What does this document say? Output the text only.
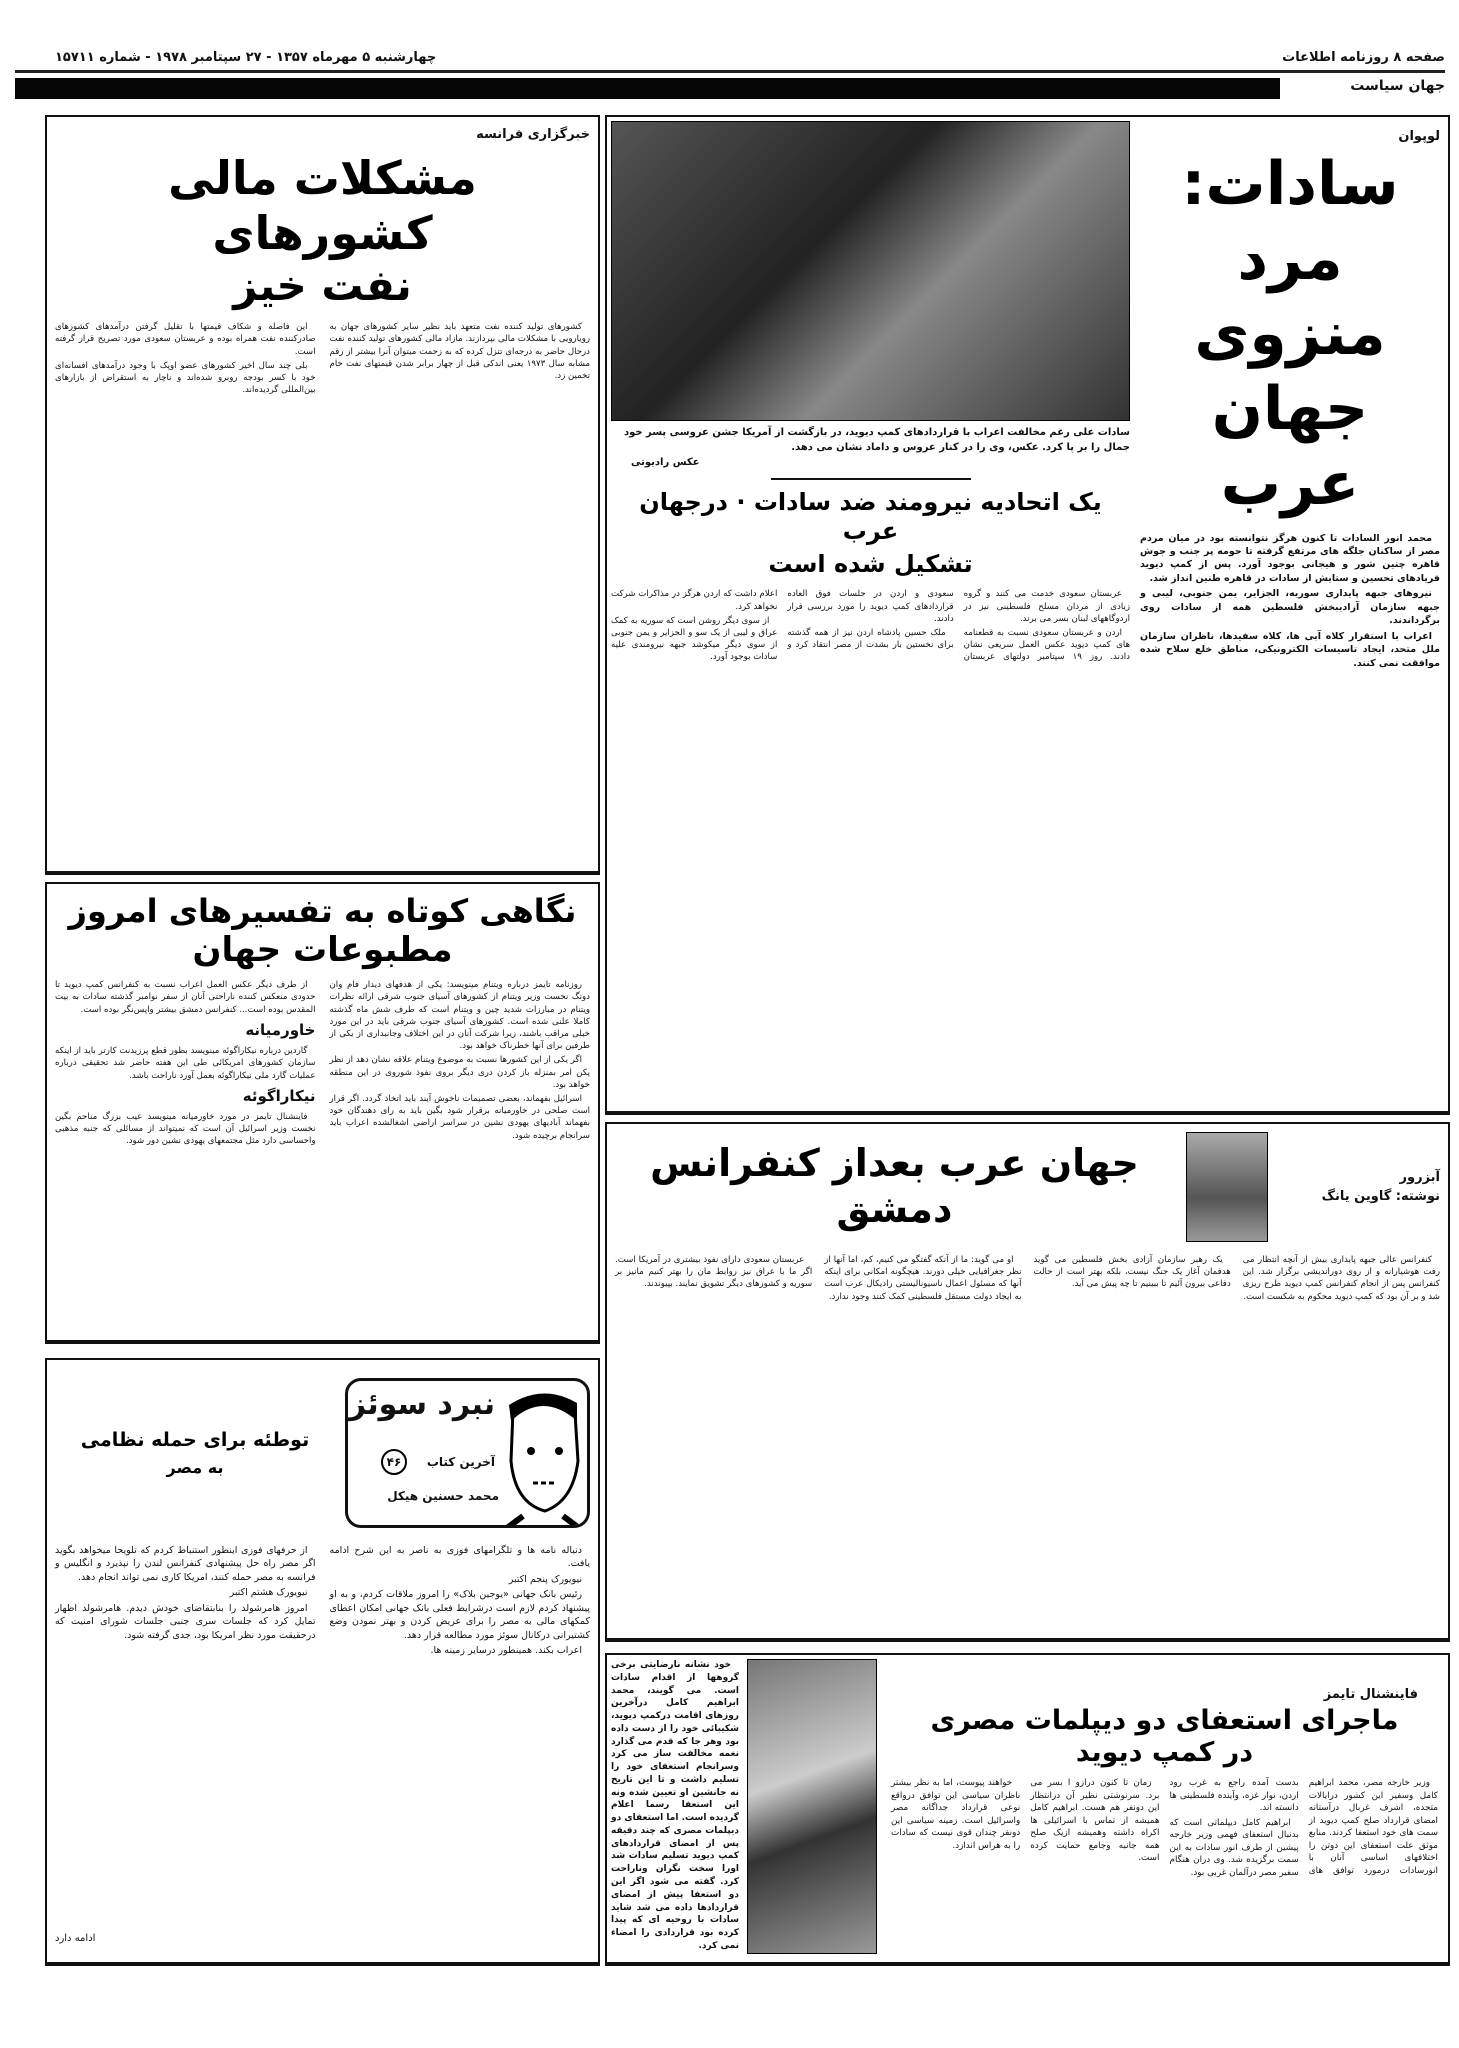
صفحه ۸ روزنامه اطلاعات
چهارشنبه ۵ مهرماه ۱۳۵۷ - ۲۷ سپتامبر ۱۹۷۸ - شماره ۱۵۷۱۱
جهان سیاست
خبرگزاری فرانسه
مشکلات مالی کشورهای
نفت خیز

کشورهای تولید کننده نفت متعهد باید نظیر سایر کشورهای جهان به رویارویی با مشکلات مالی بپردازند. مازاد مالی کشورهای تولید کننده نفت درحال حاضر به درجه‌ای تنزل کرده که به زحمت میتوان آنرا بیشتر از رقم مشابه سال ۱۹۷۳ یعنی اندکی قبل از چهار برابر شدن قیمتهای نفت خام تخمین زد.

این فاصله و شکاف قیمتها با تقلیل گرفتن درآمدهای کشورهای صادرکننده نفت همراه بوده و عربستان سعودی مورد تصریح قرار گرفته است.

بلی چند سال اخیر کشورهای عضو اوپک با وجود درآمدهای افسانه‌ای خود با کسر بودجه روبرو شده‌اند و ناچار به استقراض از بازارهای بین‌المللی گردیده‌اند.

نگاهی کوتاه به تفسیرهای امروز
مطبوعات جهان

روزنامه تایمز درباره ویتنام مینویسد: یکی از هدفهای دیدار فام وان دونگ نخست وزیر ویتنام از کشورهای آسیای جنوب شرقی ارائه نظرات ویتنام در مبارزات شدید چین و ویتنام است که طرف شش ماه گذشته کاملا علنی شده است. کشورهای آسیای جنوب شرقی باید در این مورد خیلی مراقب باشند، زیرا شرکت آنان در این اختلاف وجانبداری از یکی از طرفین برای آنها خطرناک خواهد بود.

اگر یکی از این کشورها نسبت به موضوع ویتنام علاقه نشان دهد از نظر پکن امر بمنزله باز کردن دری دیگر بروی نفوذ شوروی در این منطقه خواهد بود.

اسرائیل بفهماند، بعضی تصمیمات ناخوش آیند باید اتخاذ گردد. اگر قرار است صلحی در خاورمیانه برقرار شود بگین باید به رای دهندگان خود بفهماند آبادیهای یهودی نشین در سراسر اراضی اشغالشده اعراب باید سرانجام برچیده شود.

از طرف دیگر عکس العمل اعراب نسبت به کنفرانس کمپ دیوید تا حدودی منعکس کننده ناراحتی آنان از سفر نوامبر گذشته سادات به بیت المقدس بوده است... کنفرانس دمشق بیشتر واپس‌نگر بوده است.

خاورمیانه

گاردین درباره نیکاراگوئه مینویسد بطور قطع پرزیدنت کارتر باید از اینکه سازمان کشورهای امریکائی طی این هفته حاضر شد تحقیقی درباره عملیات گارد ملی نیکاراگوئه بعمل آورد ناراحت باشد.

نیکاراگوئه

فاینشنال تایمز در مورد خاورمیانه مینویسد عیب بزرگ مناحم بگین نخست وزیر اسرائیل آن است که نمیتواند از مسائلی که جنبه مذهبی واحساسی دارد مثل مجتمعهای یهودی نشین دور شود.

نبرد سوئز
آخرین کتاب
۴۶
محمد حسنین هیکل
توطئه برای حمله نظامی
به مصر

دنباله نامه ها و تلگرامهای فوزی به ناصر به این شرح ادامه یافت.

نیویورک پنجم اکتبر

رئیس بانک جهانی «یوجین بلاک» را امروز ملاقات کردم، و به او پیشنهاد کردم لازم است درشرایط فعلی بانک جهانی امکان اعطای کمکهای مالی به مصر را برای عریض کردن و بهتر نمودن وضع کشتیرانی درکانال سوئز مورد مطالعه قرار دهد.

اعراب بکند. همینطور درسایر زمینه ها.

از حرفهای فوزی اینطور استنباط کردم که تلویحا میخواهد بگوید اگر مصر راه حل پیشنهادی کنفرانس لندن را نپذیرد و انگلیس و فرانسه به مصر حمله کنند، امریکا کاری نمی تواند انجام دهد.

نیویورک هشتم اکتبر

امروز هامرشولد را بنابتقاضای خودش دیدم. هامرشولد اظهار تمایل کرد که جلسات سری جنبی جلسات شورای امنیت که درحقیقت مورد نظر امریکا بود، جدی گرفته شود.

ادامه دارد
لوپوان
سادات:
مرد منزوی
جهان عرب

محمد انور السادات تا کنون هرگز نتوانسته بود در میان مردم مصر از ساکنان جلگه های مرتفع گرفته تا حومه پر جنب و جوش قاهره چنین شور و هیجانی بوجود آورد. پس از کمپ دیوید فریادهای تحسین و ستایش از سادات در قاهره طنین انداز شد.

نیروهای جبهه پایداری سوریه، الجزایر، یمن جنوبی، لیبی و جبهه سازمان آزادیبخش فلسطین همه از سادات روی برگرداندند.

اعراب با استقرار کلاه آبی ها، کلاه سفیدها، ناظران سازمان ملل متحد، ایجاد تاسیسات الکترونیکی، مناطق خلع سلاح شده موافقت نمی کنند.

سادات علی رغم مخالفت اعراب با قراردادهای کمپ دیوید، در بازگشت از آمریکا جشن عروسی پسر خود جمال را بر پا کرد. عکس، وی را در کنار عروس و داماد نشان می دهد.
عکس رادیوتی
یک اتحادیه نیرومند ضد سادات · درجهان عرب
تشکیل شده است

عربستان سعودی خدمت می کنند و گروه زیادی از مردان مسلح فلسطینی نیز در اردوگاههای لبنان بسر می برند.

اردن و عربستان سعودی نسبت به قطعنامه های کمپ دیوید عکس العمل سریعی نشان دادند. روز ۱۹ سپتامبر دولتهای عربستان سعودی و اردن در جلسات فوق العاده قراردادهای کمپ دیوید را مورد بررسی قرار دادند.

ملک حسین پادشاه اردن نیز از همه گذشته برای نخستین بار بشدت از مصر انتقاد کرد و اعلام داشت که اردن هرگز در مذاکرات شرکت نخواهد کرد.

از سوی دیگر روشن است که سوریه به کمک عراق و لیبی از یک سو و الجزایر و یمن جنوبی از سوی دیگر میکوشد جبهه نیرومندی علیه سادات بوجود آورد.

آبزرور
نوشته: گاوین یانگ
جهان عرب بعداز کنفرانس دمشق

کنفرانس عالی جبهه پایداری بیش از آنچه انتظار می رفت هوشیارانه و از روی دوراندیشی برگزار شد. این کنفرانس پس از انجام کنفرانس کمپ دیوید طرح ریزی شد و بر آن بود که کمپ دیوید محکوم به شکست است.

یک رهبر سازمان آزادی بخش فلسطین می گوید هدفمان آغاز یک جنگ نیست، بلکه بهتر است از حالت دفاعی بیرون آئیم تا ببینیم تا چه پیش می آید.

او می گوید: ما از آنکه گفتگو می کنیم، کم، اما آنها از نظر جغرافیایی خیلی دورند. هیچگونه امکانی برای اینکه آنها که مسئول اعمال ناسیونالیستی رادیکال عرب است به ایجاد دولت مستقل فلسطینی کمک کنند وجود ندارد.

عربستان سعودی دارای نفوذ بیشتری در آمریکا است. اگر ما با عراق نیز روابط مان را بهتر کنیم مانیز بر سوریه و کشورهای دیگر تشویق نمایند. بپیوندند.

خود نشانه نارضایتی برخی گروهها از اقدام سادات است. می گویند، محمد ابراهیم کامل درآخرین روزهای اقامت درکمپ دیوید، شکیبائی خود را از دست داده بود وهر جا که قدم می گذارد نغمه مخالفت ساز می کرد وسرانجام استعفای خود را تسلیم داشت و تا این تاریخ نه جانشین او تعیین شده ونه این استعفا رسما اعلام گردیده است. اما استعفای دو دیپلمات مصری که چند دقیقه پس از امضای قراردادهای کمپ دیوید تسلیم سادات شد اورا سخت نگران وناراحت کرد. گفته می شود اگر این دو استعفا پیش از امضای قراردادها داده می شد شاید سادات با روحیه ای که پیدا کرده بود قراردادی را امضاء نمی کرد.

فاینشنال تایمز
ماجرای استعفای دو دیپلمات مصری
در کمپ دیوید

وزیر خارجه مصر، محمد ابراهیم کامل وسفیر این کشور درایالات متحده، اشرف غربال درآستانه امضای قرارداد صلح کمپ دیوید از سمت های خود استعفا کردند. منابع موثق علت استعفای این دوتن را اختلافهای اساسی آنان با انورسادات درمورد توافق های بدست آمده راجع به غرب رود اردن، نوار غزه، وآینده فلسطینی ها دانسته اند.

ابراهیم کامل دیپلماتی است که بدنبال استعفای فهمی وزیر خارجه پیشین از طرف انور سادات به این سمت برگزیده شد. وی دران هنگام سفیر مصر درآلمان غربی بود.

زمان تا کنون درازو ا بسر می برد. سرنوشتی نظیر آن درانتظار این دونفر هم هست. ابراهیم کامل همیشه از تماس با اسرائیلی ها اکراه داشته وهمیشه ازیک صلح همه جانبه وجامع حمایت کرده است.

خواهند پیوست، اما به نظر بیشتر ناظران سیاسی این توافق درواقع نوعی قرارداد جداگانه مصر واسرائیل است. زمینه سیاسی این دونفر چندان قوی نیست که سادات را به هراس اندازد.
